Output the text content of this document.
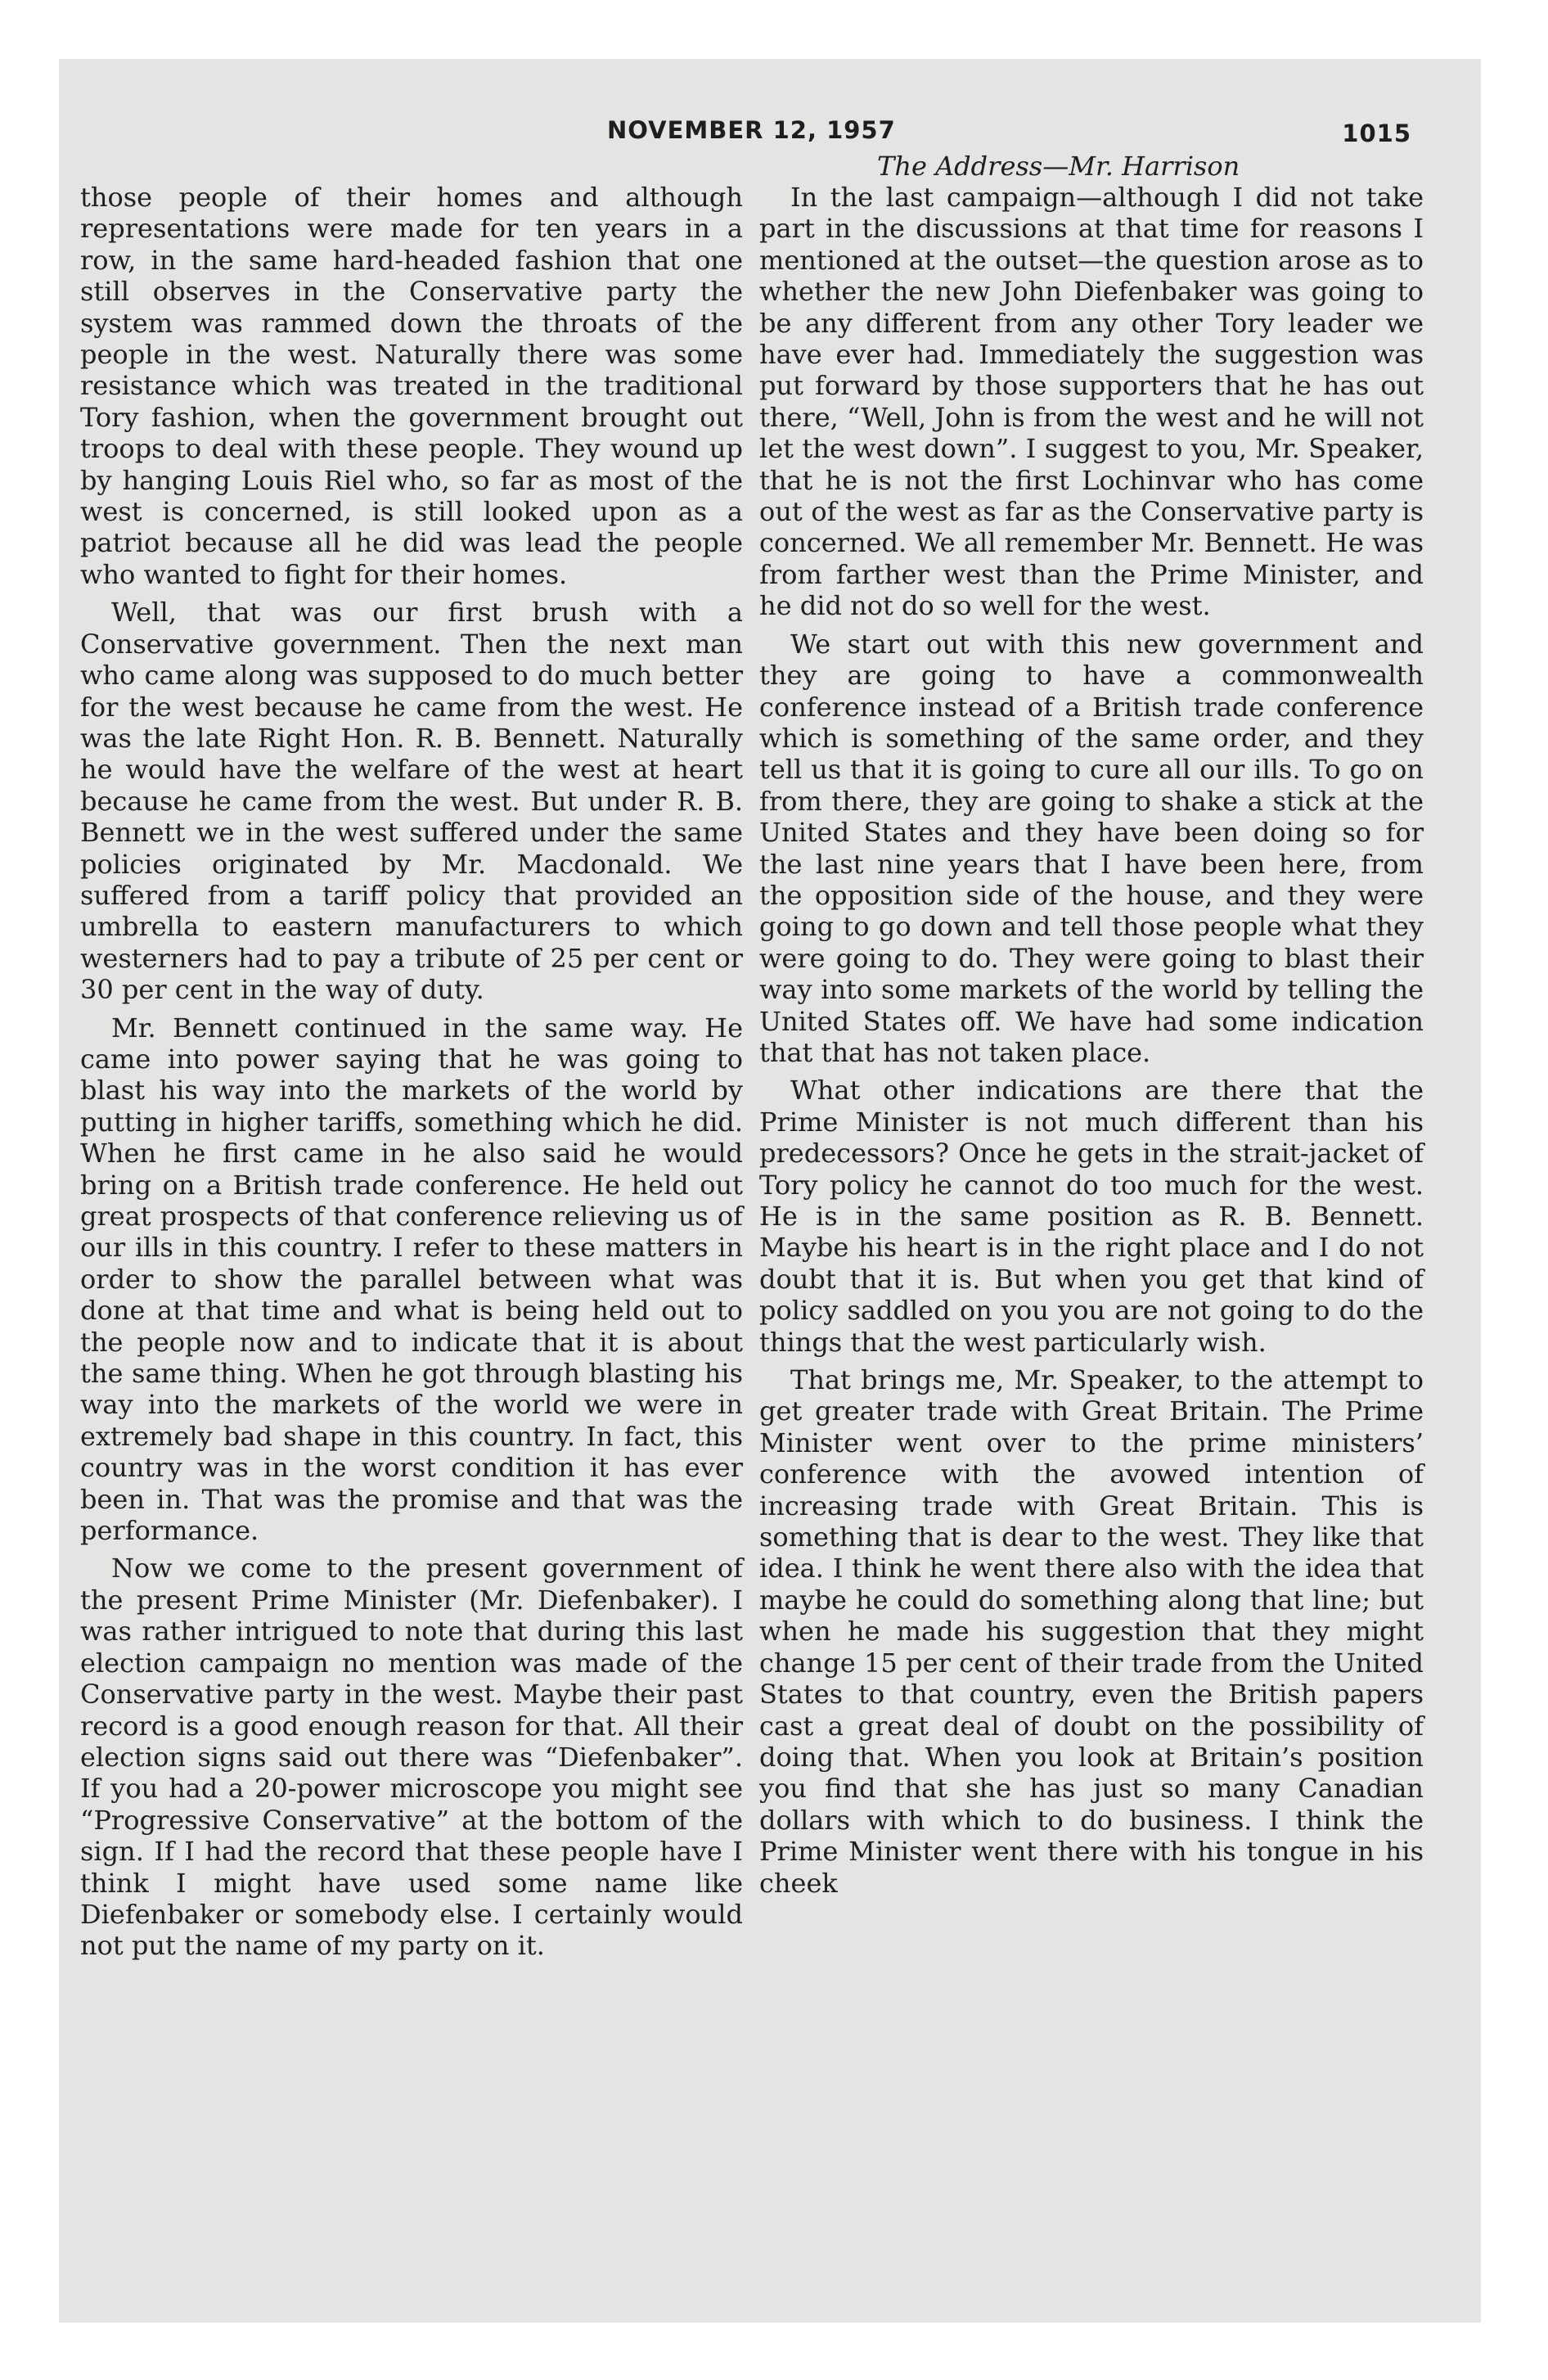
NOVEMBER 12, 1957	1015
The Address—Mr. Harrison

those people of their homes and although representations were made for ten years in a row, in the same hard-headed fashion that one still observes in the Conservative party the system was rammed down the throats of the people in the west. Naturally there was some resistance which was treated in the traditional Tory fashion, when the government brought out troops to deal with these people. They wound up by hanging Louis Riel who, so far as most of the west is concerned, is still looked upon as a patriot because all he did was lead the people who wanted to fight for their homes.

Well, that was our first brush with a Conservative government. Then the next man who came along was supposed to do much better for the west because he came from the west. He was the late Right Hon. R. B. Bennett. Naturally he would have the welfare of the west at heart because he came from the west. But under R. B. Bennett we in the west suffered under the same policies originated by Mr. Macdonald. We suffered from a tariff policy that provided an umbrella to eastern manufacturers to which westerners had to pay a tribute of 25 per cent or 30 per cent in the way of duty.

Mr. Bennett continued in the same way. He came into power saying that he was going to blast his way into the markets of the world by putting in higher tariffs, something which he did. When he first came in he also said he would bring on a British trade conference. He held out great prospects of that conference relieving us of our ills in this country. I refer to these matters in order to show the parallel between what was done at that time and what is being held out to the people now and to indicate that it is about the same thing. When he got through blasting his way into the markets of the world we were in extremely bad shape in this country. In fact, this country was in the worst condition it has ever been in. That was the promise and that was the performance.

Now we come to the present government of the present Prime Minister (Mr. Diefenbaker). I was rather intrigued to note that during this last election campaign no mention was made of the Conservative party in the west. Maybe their past record is a good enough reason for that. All their election signs said out there was “Diefenbaker”. If you had a 20-power microscope you might see “Progressive Conservative” at the bottom of the sign. If I had the record that these people have I think I might have used some name like Diefenbaker or somebody else. I certainly would not put the name of my party on it.

In the last campaign—although I did not take part in the discussions at that time for reasons I mentioned at the outset—the question arose as to whether the new John Diefenbaker was going to be any different from any other Tory leader we have ever had. Immediately the suggestion was put forward by those supporters that he has out there, “Well, John is from the west and he will not let the west down”. I suggest to you, Mr. Speaker, that he is not the first Lochinvar who has come out of the west as far as the Conservative party is concerned. We all remember Mr. Bennett. He was from farther west than the Prime Minister, and he did not do so well for the west.

We start out with this new government and they are going to have a commonwealth conference instead of a British trade conference which is something of the same order, and they tell us that it is going to cure all our ills. To go on from there, they are going to shake a stick at the United States and they have been doing so for the last nine years that I have been here, from the opposition side of the house, and they were going to go down and tell those people what they were going to do. They were going to blast their way into some markets of the world by telling the United States off. We have had some indication that that has not taken place.

What other indications are there that the Prime Minister is not much different than his predecessors? Once he gets in the strait-jacket of Tory policy he cannot do too much for the west. He is in the same position as R. B. Bennett. Maybe his heart is in the right place and I do not doubt that it is. But when you get that kind of policy saddled on you you are not going to do the things that the west particularly wish.

That brings me, Mr. Speaker, to the attempt to get greater trade with Great Britain. The Prime Minister went over to the prime ministers’ conference with the avowed intention of increasing trade with Great Britain. This is something that is dear to the west. They like that idea. I think he went there also with the idea that maybe he could do something along that line; but when he made his suggestion that they might change 15 per cent of their trade from the United States to that country, even the British papers cast a great deal of doubt on the possibility of doing that. When you look at Britain’s position you find that she has just so many Canadian dollars with which to do business. I think the Prime Minister went there with his tongue in his cheek
